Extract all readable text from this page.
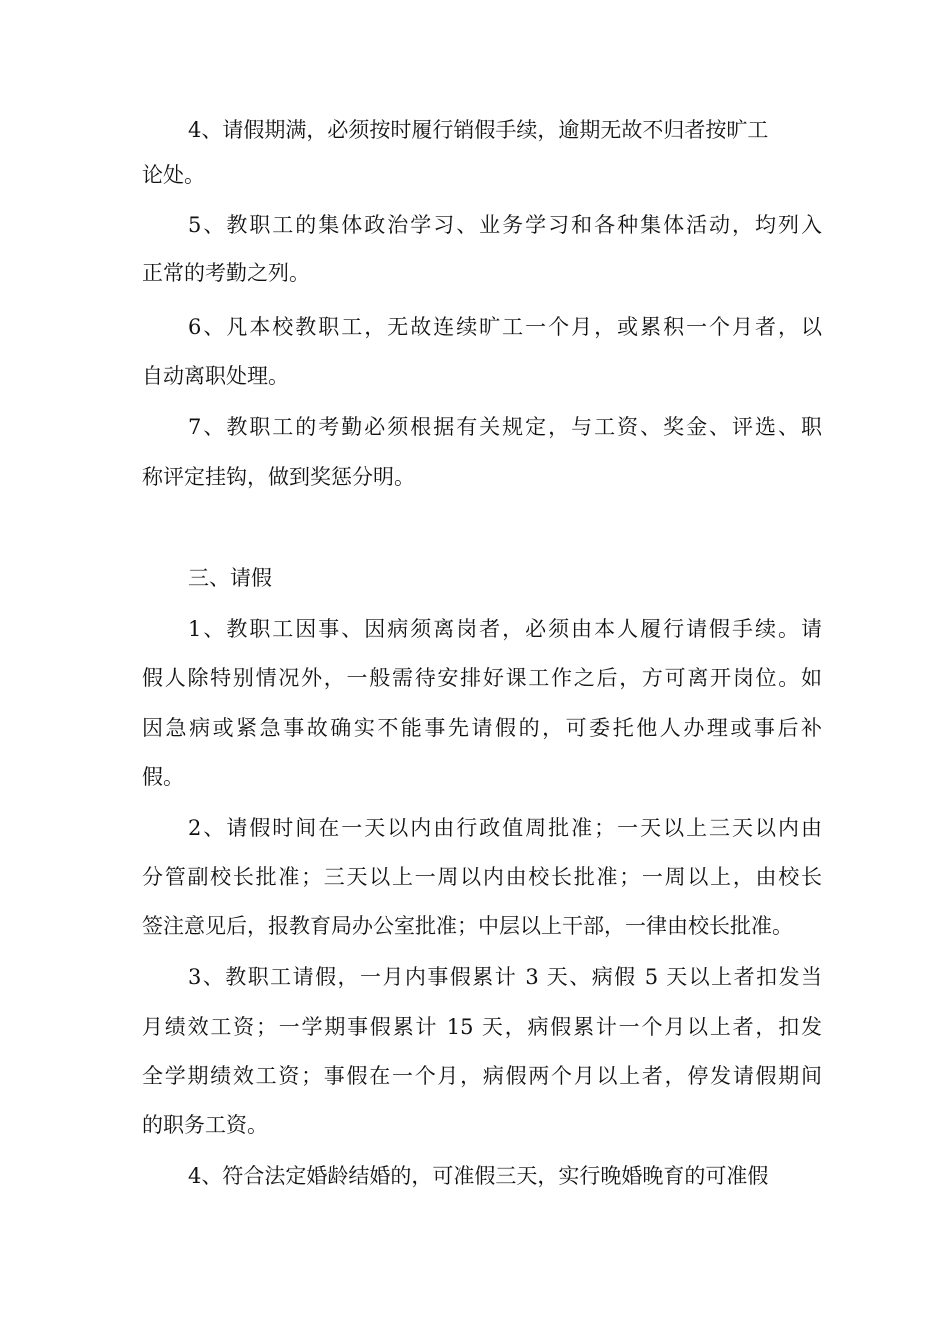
4、请假期满，必须按时履行销假手续，逾期无故不归者按旷工
论处。
5、教职工的集体政治学习、业务学习和各种集体活动，均列入
正常的考勤之列。
6、凡本校教职工，无故连续旷工一个月，或累积一个月者，以
自动离职处理。
7、教职工的考勤必须根据有关规定，与工资、奖金、评选、职
称评定挂钩，做到奖惩分明。
三、请假
1、教职工因事、因病须离岗者，必须由本人履行请假手续。请
假人除特别情况外，一般需待安排好课工作之后，方可离开岗位。如
因急病或紧急事故确实不能事先请假的，可委托他人办理或事后补
假。
2、请假时间在一天以内由行政值周批准；一天以上三天以内由
分管副校长批准；三天以上一周以内由校长批准；一周以上，由校长
签注意见后，报教育局办公室批准；中层以上干部，一律由校长批准。
3、教职工请假，一月内事假累计 3 天、病假 5 天以上者扣发当
月绩效工资；一学期事假累计 15 天，病假累计一个月以上者，扣发
全学期绩效工资；事假在一个月，病假两个月以上者，停发请假期间
的职务工资。
4、符合法定婚龄结婚的，可准假三天，实行晚婚晚育的可准假
